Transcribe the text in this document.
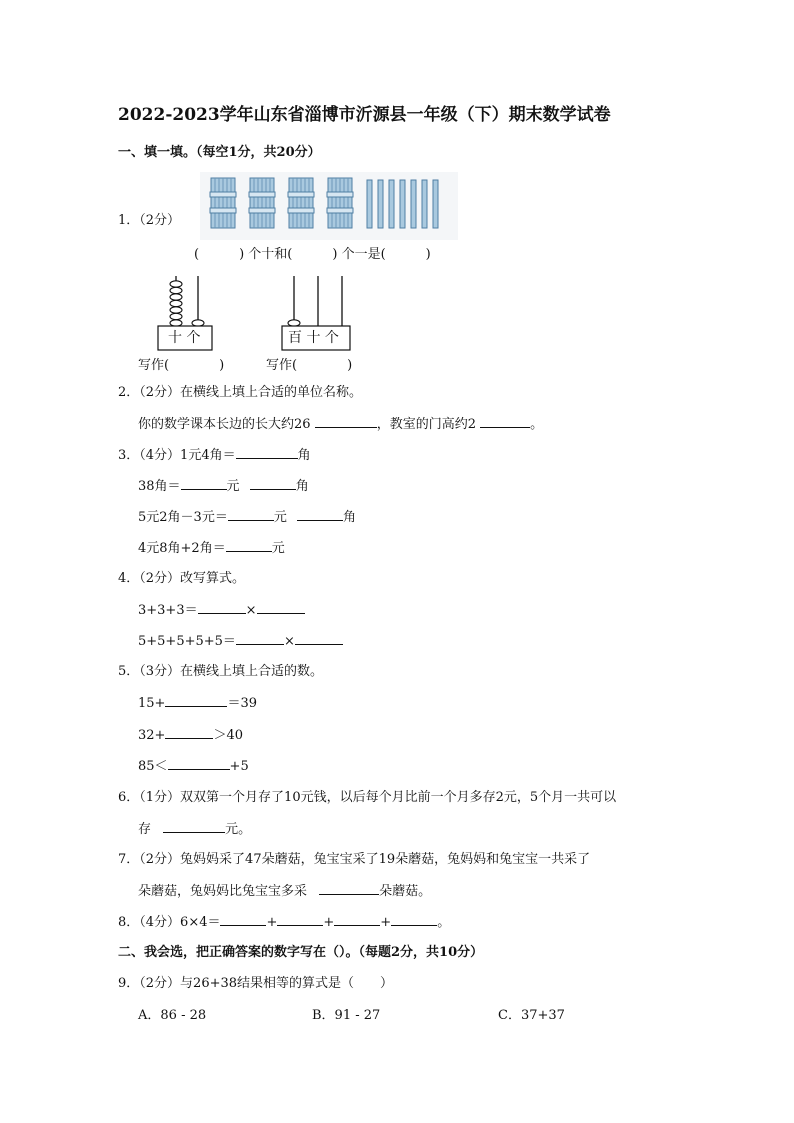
2022-2023学年山东省淄博市沂源县一年级（下）期末数学试卷
一、填一填。（每空1分，共20分）
1．（2分）
(	) 个十和(	) 个一是(	)
十 个	百 十 个
写作(	)	写作(	)
2．（2分）在横线上填上合适的单位名称。
你的数学课本长边的长大约26	，教室的门高约2	。
3．（4分）1元4角＝	角
38角＝	元	角
5元2角－3元＝	元	角
4元8角+2角＝	元
4．（2分）改写算式。
3+3+3＝	×
5+5+5+5+5＝	×
5．（3分）在横线上填上合适的数。
15+	＝39
32+	＞40
85＜	+5
6．（1分）双双第一个月存了10元钱，以后每个月比前一个月多存2元，5个月一共可以
存	元。
7．（2分）兔妈妈采了47朵蘑菇，兔宝宝采了19朵蘑菇，兔妈妈和兔宝宝一共采了
朵蘑菇，兔妈妈比兔宝宝多采	朵蘑菇。
8．（4分）6×4＝	+	+	+	。
二、我会选，把正确答案的数字写在（）。（每题2分，共10分）
9．（2分）与26+38结果相等的算式是（　　）
A．86 - 28	B．91 - 27	C．37+37
